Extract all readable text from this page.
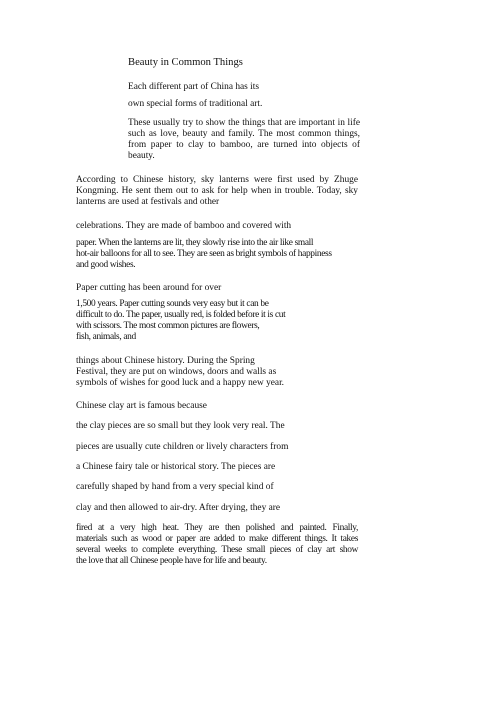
Beauty in Common Things
Each different part of China has its
own special forms of traditional art.
These usually try to show the things that are important in life
such as love, beauty and family. The most common things,
from paper to clay to bamboo, are turned into objects of
beauty.
According to Chinese history, sky lanterns were first used by Zhuge
Kongming. He sent them out to ask for help when in trouble. Today, sky
lanterns are used at festivals and other
celebrations. They are made of bamboo and covered with
paper. When the lanterns are lit, they slowly rise into the air like small
hot-air balloons for all to see. They are seen as bright symbols of happiness
and good wishes.
Paper cutting has been around for over
1,500 years. Paper cutting sounds very easy but it can be
difficult to do. The paper, usually red, is folded before it is cut
with scissors. The most common pictures are flowers,
fish, animals, and
things about Chinese history. During the Spring
Festival, they are put on windows, doors and walls as
symbols of wishes for good luck and a happy new year.
Chinese clay art is famous because
the clay pieces are so small but they look very real. The
pieces are usually cute children or lively characters from
a Chinese fairy tale or historical story. The pieces are
carefully shaped by hand from a very special kind of
clay and then allowed to air-dry. After drying, they are
fired at a very high heat. They are then polished and painted. Finally,
materials such as wood or paper are added to make different things. It takes
several weeks to complete everything. These small pieces of clay art show
the love that all Chinese people have for life and beauty.
